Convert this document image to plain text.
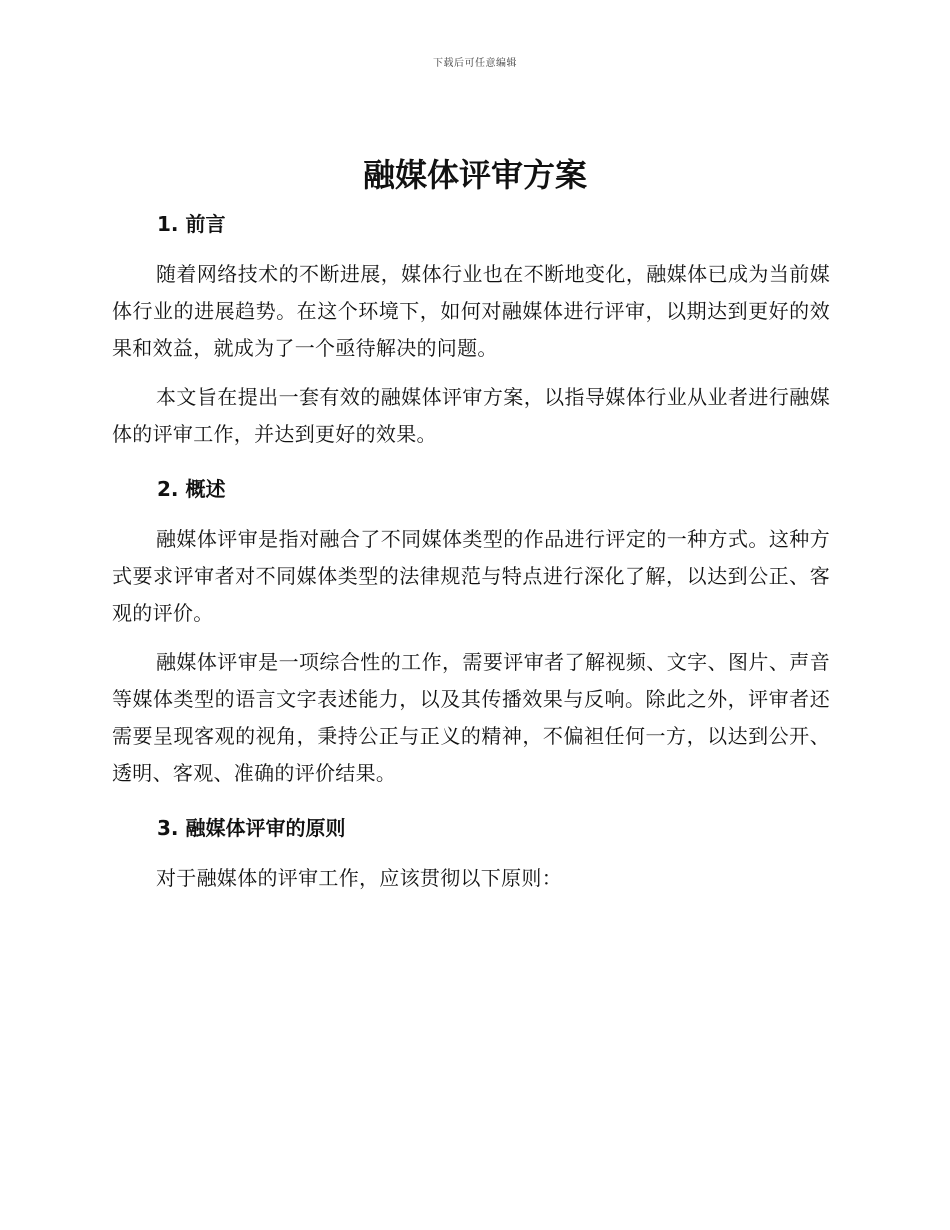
下载后可任意编辑
融媒体评审方案
1. 前言

随着网络技术的不断进展，媒体行业也在不断地变化，融媒体已成为当前媒体行业的进展趋势。在这个环境下，如何对融媒体进行评审，以期达到更好的效果和效益，就成为了一个亟待解决的问题。

本文旨在提出一套有效的融媒体评审方案，以指导媒体行业从业者进行融媒体的评审工作，并达到更好的效果。

2. 概述

融媒体评审是指对融合了不同媒体类型的作品进行评定的一种方式。这种方式要求评审者对不同媒体类型的法律规范与特点进行深化了解，以达到公正、客观的评价。

融媒体评审是一项综合性的工作，需要评审者了解视频、文字、图片、声音等媒体类型的语言文字表述能力，以及其传播效果与反响。除此之外，评审者还需要呈现客观的视角，秉持公正与正义的精神，不偏袒任何一方，以达到公开、透明、客观、准确的评价结果。

3. 融媒体评审的原则

对于融媒体的评审工作，应该贯彻以下原则：
